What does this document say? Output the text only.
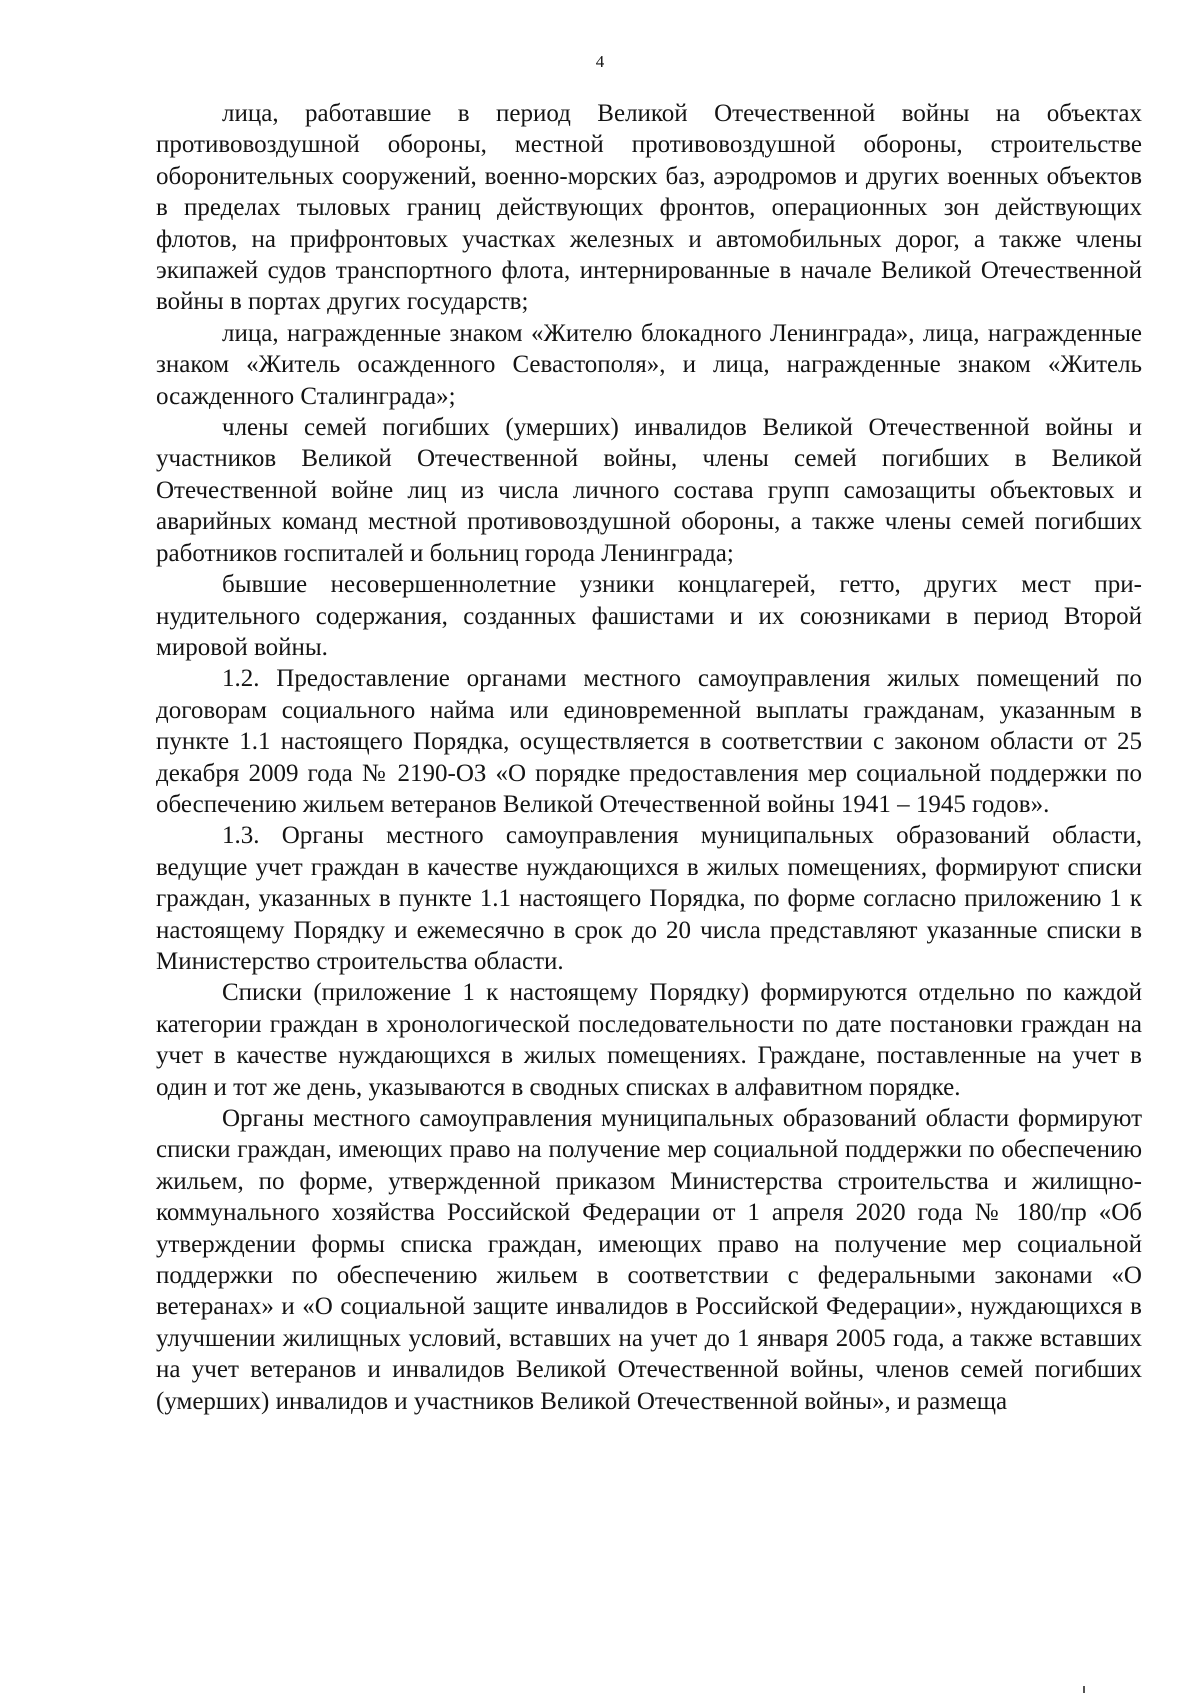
4

лица, работавшие в период Великой Отечественной войны на объектах противовоздушной обороны, местной противовоздушной обороны, строительстве оборонительных сооружений, военно-морских баз, аэродромов и других военных объектов в пределах тыловых границ действующих фронтов, операционных зон действующих флотов, на прифронтовых участках железных и автомобильных дорог, а также члены экипажей судов транспортного флота, интернированные в начале Великой Отечественной войны в портах других государств;

лица, награжденные знаком «Жителю блокадного Ленинграда», лица, награжденные знаком «Житель осажденного Севастополя», и лица, награжденные знаком «Житель осажденного Сталинграда»;

члены семей погибших (умерших) инвалидов Великой Отечественной войны и участников Великой Отечественной войны, члены семей погибших в Великой Отечественной войне лиц из числа личного состава групп самозащиты объектовых и аварийных команд местной противовоздушной обороны, а также члены семей погибших работников госпиталей и больниц города Ленинграда;

бывшие несовершеннолетние узники концлагерей, гетто, других мест принудительного содержания, созданных фашистами и их союзниками в период Второй мировой войны.

1.2. Предоставление органами местного самоуправления жилых помещений по договорам социального найма или единовременной выплаты гражданам, указанным в пункте 1.1 настоящего Порядка, осуществляется в соответствии с законом области от 25 декабря 2009 года № 2190-ОЗ «О порядке предоставления мер социальной поддержки по обеспечению жильем ветеранов Великой Отечественной войны 1941 – 1945 годов».

1.3. Органы местного самоуправления муниципальных образований области, ведущие учет граждан в качестве нуждающихся в жилых помещениях, формируют списки граждан, указанных в пункте 1.1 настоящего Порядка, по форме согласно приложению 1 к настоящему Порядку и ежемесячно в срок до 20 числа представляют указанные списки в Министерство строительства области.

Списки (приложение 1 к настоящему Порядку) формируются отдельно по каждой категории граждан в хронологической последовательности по дате постановки граждан на учет в качестве нуждающихся в жилых помещениях. Граждане, поставленные на учет в один и тот же день, указываются в сводных списках в алфавитном порядке.

Органы местного самоуправления муниципальных образований области формируют списки граждан, имеющих право на получение мер социальной поддержки по обеспечению жильем, по форме, утвержденной приказом Министерства строительства и жилищно-коммунального хозяйства Российской Федерации от 1 апреля 2020 года № 180/пр «Об утверждении формы списка граждан, имеющих право на получение мер социальной поддержки по обеспечению жильем в соответствии с федеральными законами «О ветеранах» и «О социальной защите инвалидов в Российской Федерации», нуждающихся в улучшении жилищных условий, вставших на учет до 1 января 2005 года, а также вставших на учет ветеранов и инвалидов Великой Отечественной войны, членов семей погибших (умерших) инвалидов и участников Великой Отечественной войны», и размеща
